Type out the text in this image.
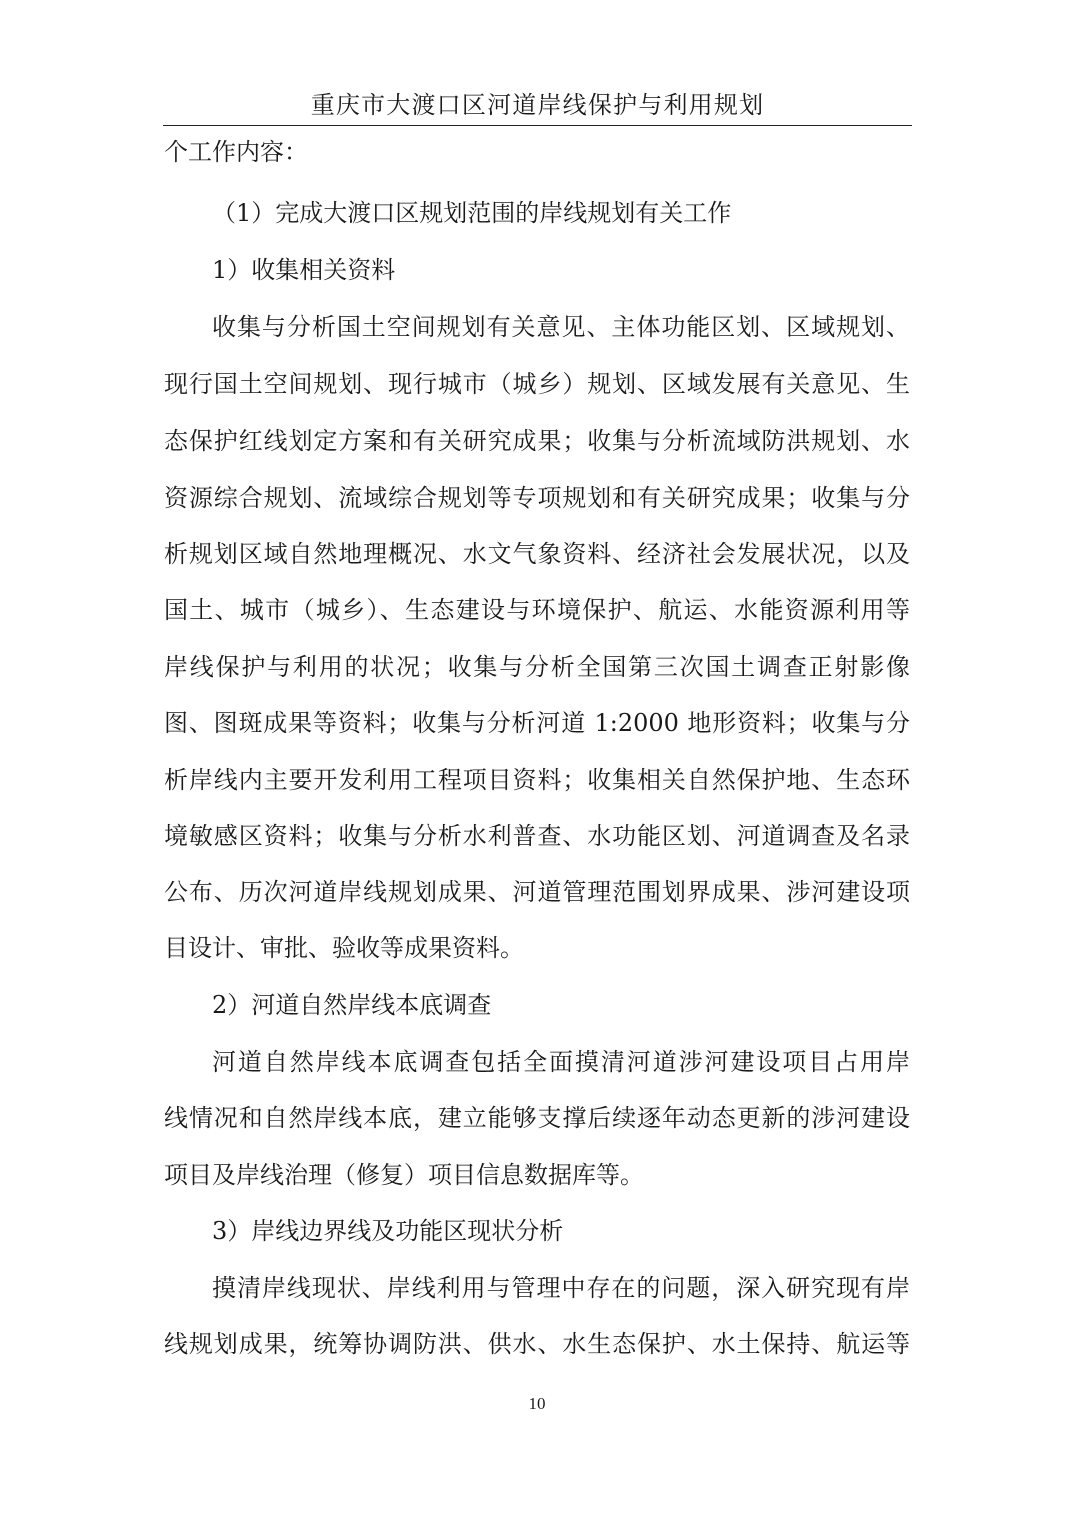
重庆市大渡口区河道岸线保护与利用规划
个工作内容：
（1）完成大渡口区规划范围的岸线规划有关工作
1）收集相关资料
收集与分析国土空间规划有关意见、主体功能区划、区域规划、
现行国土空间规划、现行城市（城乡）规划、区域发展有关意见、生
态保护红线划定方案和有关研究成果；收集与分析流域防洪规划、水
资源综合规划、流域综合规划等专项规划和有关研究成果；收集与分
析规划区域自然地理概况、水文气象资料、经济社会发展状况，以及
国土、城市（城乡）、生态建设与环境保护、航运、水能资源利用等
岸线保护与利用的状况；收集与分析全国第三次国土调查正射影像
图、图斑成果等资料；收集与分析河道 1:2000 地形资料；收集与分
析岸线内主要开发利用工程项目资料；收集相关自然保护地、生态环
境敏感区资料；收集与分析水利普查、水功能区划、河道调查及名录
公布、历次河道岸线规划成果、河道管理范围划界成果、涉河建设项
目设计、审批、验收等成果资料。
2）河道自然岸线本底调查
河道自然岸线本底调查包括全面摸清河道涉河建设项目占用岸
线情况和自然岸线本底，建立能够支撑后续逐年动态更新的涉河建设
项目及岸线治理（修复）项目信息数据库等。
3）岸线边界线及功能区现状分析
摸清岸线现状、岸线利用与管理中存在的问题，深入研究现有岸
线规划成果，统筹协调防洪、供水、水生态保护、水土保持、航运等
10
